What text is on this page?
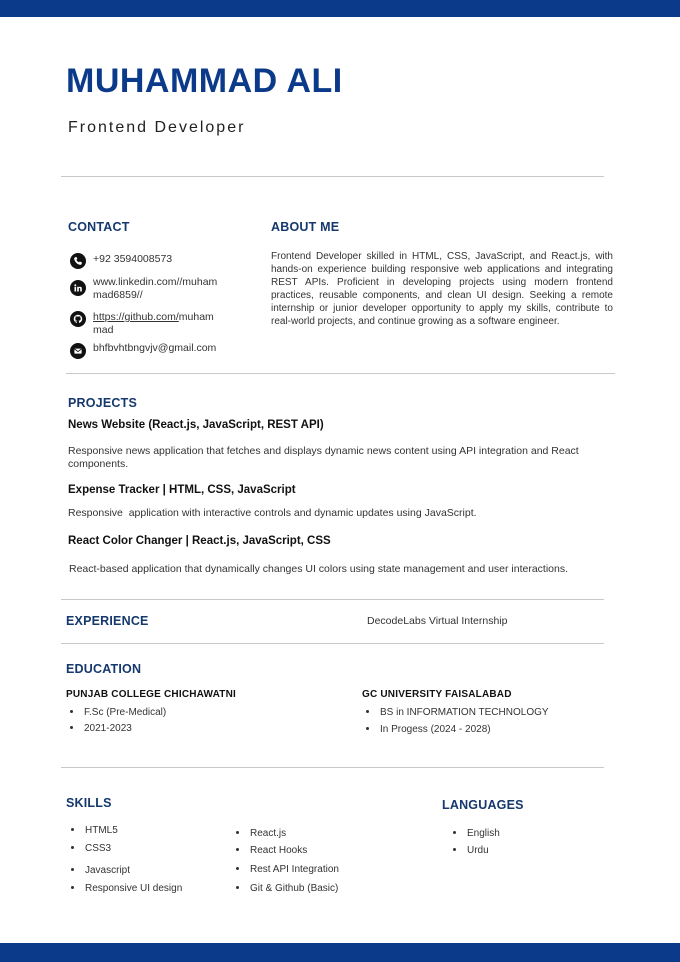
MUHAMMAD ALI
Frontend Developer
CONTACT
+92 3594008573
www.linkedin.com//muham
mad6859//
https://github.com/muham
mad
bhfbvhtbngvjv@gmail.com
ABOUT ME
Frontend Developer skilled in HTML, CSS, JavaScript, and React.js, with hands-on experience building responsive web applications and integrating REST APIs. Proficient in developing projects using modern frontend practices, reusable components, and clean UI design. Seeking a remote internship or junior developer opportunity to apply my skills, contribute to real-world projects, and continue growing as a software engineer.
PROJECTS
News Website (React.js, JavaScript, REST API)
Responsive news application that fetches and displays dynamic news content using API integration and React components.
Expense Tracker | HTML, CSS, JavaScript
Responsive  application with interactive controls and dynamic updates using JavaScript.
React Color Changer | React.js, JavaScript, CSS
React-based application that dynamically changes UI colors using state management and user interactions.
EXPERIENCE	DecodeLabs Virtual Internship
EDUCATION
PUNJAB COLLEGE CHICHAWATNI
F.Sc (Pre-Medical)
2021-2023
GC UNIVERSITY FAISALABAD
BS in INFORMATION TECHNOLOGY
In Progess (2024 - 2028)
SKILLS
HTML5
CSS3
Javascript
Responsive UI design
React.js
React Hooks
Rest API Integration
Git & Github (Basic)
LANGUAGES
English
Urdu
